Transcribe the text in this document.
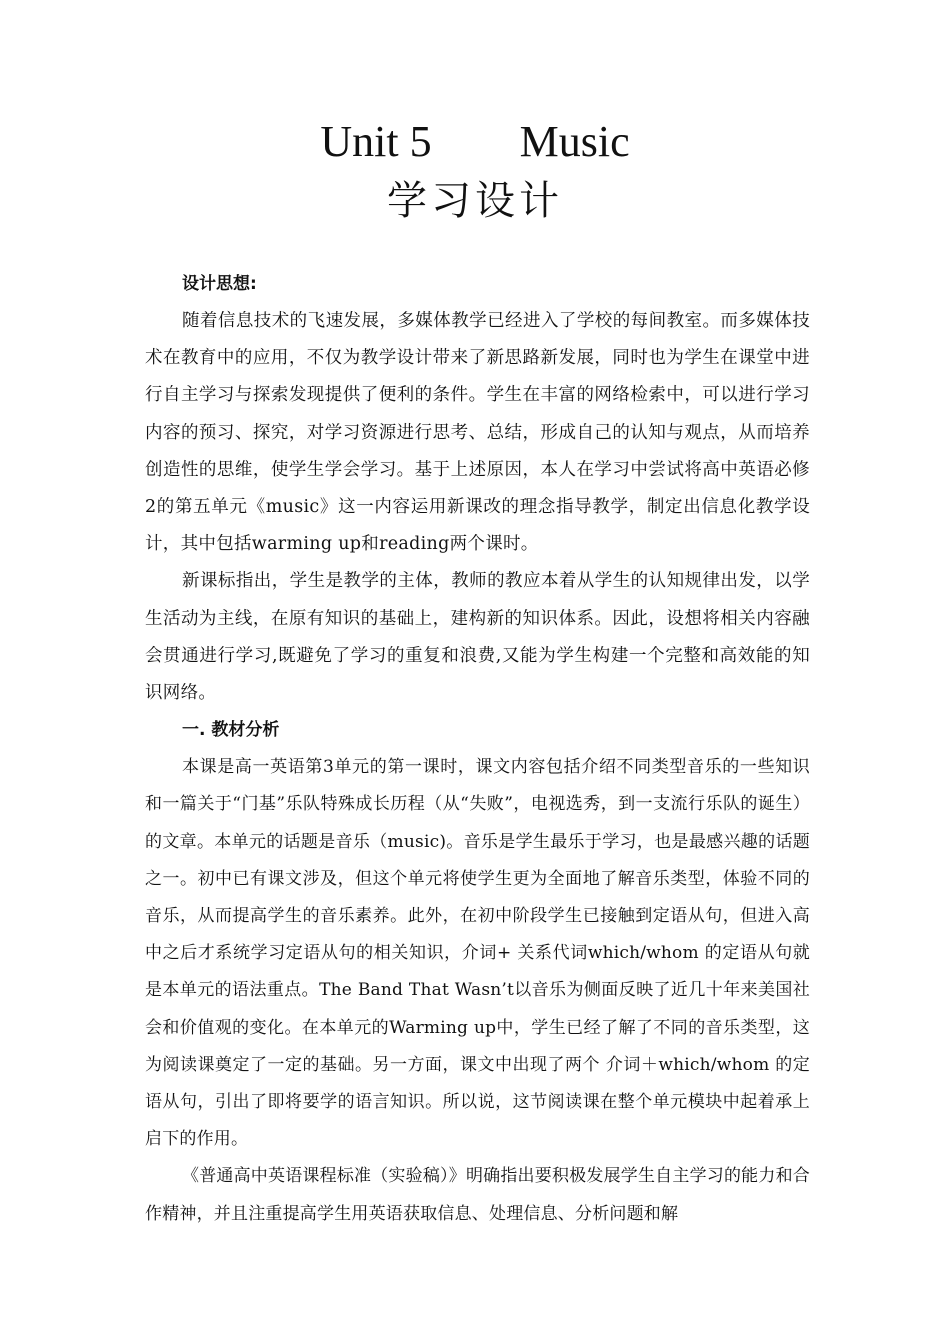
Unit 5        Music
学习设计

设计思想:

随着信息技术的飞速发展，多媒体教学已经进入了学校的每间教室。而多媒体技术在教育中的应用，不仅为教学设计带来了新思路新发展，同时也为学生在课堂中进行自主学习与探索发现提供了便利的条件。学生在丰富的网络检索中，可以进行学习内容的预习、探究，对学习资源进行思考、总结，形成自己的认知与观点，从而培养创造性的思维，使学生学会学习。基于上述原因，本人在学习中尝试将高中英语必修2的第五单元《music》这一内容运用新课改的理念指导教学，制定出信息化教学设计，其中包括warming up和reading两个课时。

新课标指出，学生是教学的主体，教师的教应本着从学生的认知规律出发，以学生活动为主线，在原有知识的基础上，建构新的知识体系。因此，设想将相关内容融会贯通进行学习,既避免了学习的重复和浪费,又能为学生构建一个完整和高效能的知识网络。

一. 教材分析

本课是高一英语第3单元的第一课时，课文内容包括介绍不同类型音乐的一些知识和一篇关于“门基”乐队特殊成长历程（从“失败”，电视选秀，到一支流行乐队的诞生）的文章。本单元的话题是音乐（music)。音乐是学生最乐于学习，也是最感兴趣的话题之一。初中已有课文涉及，但这个单元将使学生更为全面地了解音乐类型，体验不同的音乐，从而提高学生的音乐素养。此外，在初中阶段学生已接触到定语从句，但进入高中之后才系统学习定语从句的相关知识，介词+ 关系代词which/whom 的定语从句就是本单元的语法重点。The Band That Wasn’t以音乐为侧面反映了近几十年来美国社会和价值观的变化。在本单元的Warming up中，学生已经了解了不同的音乐类型，这为阅读课奠定了一定的基础。另一方面，课文中出现了两个 介词＋which/whom 的定语从句，引出了即将要学的语言知识。所以说，这节阅读课在整个单元模块中起着承上启下的作用。

《普通高中英语课程标准（实验稿）》明确指出要积极发展学生自主学习的能力和合作精神，并且注重提高学生用英语获取信息、处理信息、分析问题和解
